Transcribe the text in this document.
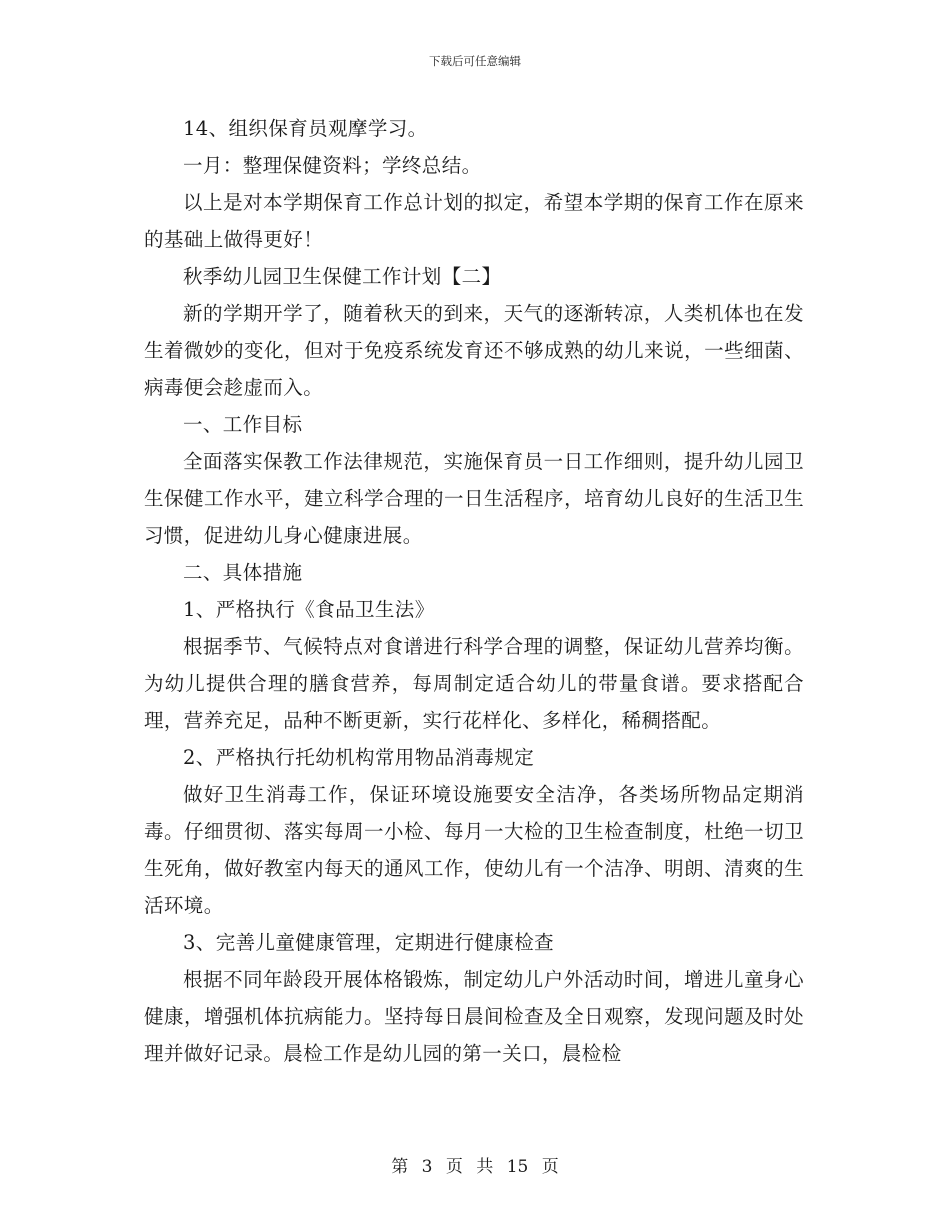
下载后可任意编辑

14、组织保育员观摩学习。

一月：整理保健资料；学终总结。

以上是对本学期保育工作总计划的拟定，希望本学期的保育工作在原来的基础上做得更好！

秋季幼儿园卫生保健工作计划【二】

新的学期开学了，随着秋天的到来，天气的逐渐转凉，人类机体也在发生着微妙的变化，但对于免疫系统发育还不够成熟的幼儿来说，一些细菌、病毒便会趁虚而入。

一、工作目标

全面落实保教工作法律规范，实施保育员一日工作细则，提升幼儿园卫生保健工作水平，建立科学合理的一日生活程序，培育幼儿良好的生活卫生习惯，促进幼儿身心健康进展。

二、具体措施

1、严格执行《食品卫生法》

根据季节、气候特点对食谱进行科学合理的调整，保证幼儿营养均衡。为幼儿提供合理的膳食营养，每周制定适合幼儿的带量食谱。要求搭配合理，营养充足，品种不断更新，实行花样化、多样化，稀稠搭配。

2、严格执行托幼机构常用物品消毒规定

做好卫生消毒工作，保证环境设施要安全洁净，各类场所物品定期消毒。仔细贯彻、落实每周一小检、每月一大检的卫生检查制度，杜绝一切卫生死角，做好教室内每天的通风工作，使幼儿有一个洁净、明朗、清爽的生活环境。

3、完善儿童健康管理，定期进行健康检查

根据不同年龄段开展体格锻炼，制定幼儿户外活动时间，增进儿童身心健康，增强机体抗病能力。坚持每日晨间检查及全日观察，发现问题及时处理并做好记录。晨检工作是幼儿园的第一关口，晨检检

第 3 页 共 15 页
